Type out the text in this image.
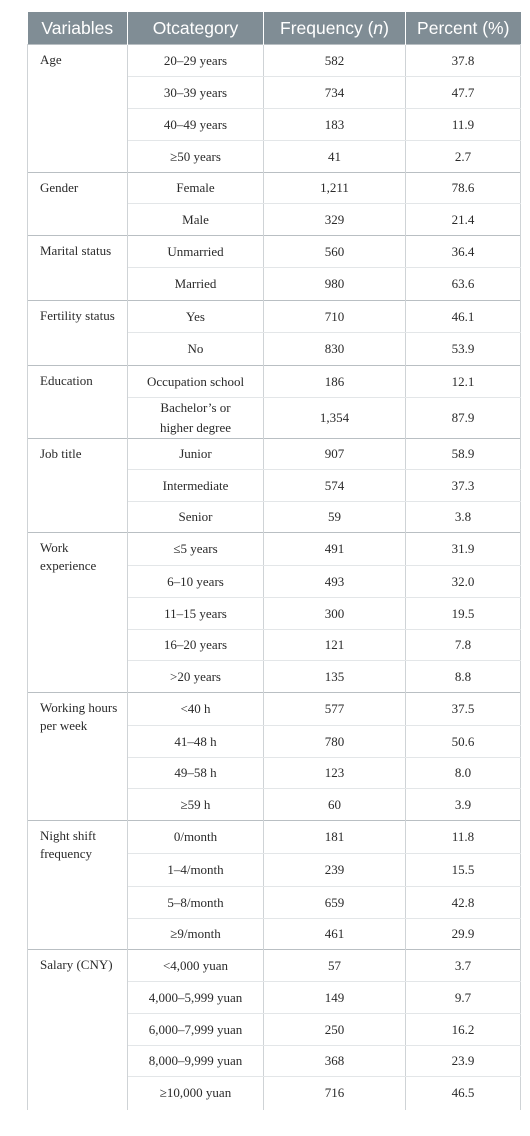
Variables	Otcategory	Frequency (n)	Percent (%)
Age	20–29 years	582	37.8
	30–39 years	734	47.7
	40–49 years	183	11.9
	≥50 years	41	2.7
Gender	Female	1,211	78.6
	Male	329	21.4
Marital status	Unmarried	560	36.4
	Married	980	63.6
Fertility status	Yes	710	46.1
	No	830	53.9
Education	Occupation school	186	12.1
	Bachelor’s or higher degree	1,354	87.9
Job title	Junior	907	58.9
	Intermediate	574	37.3
	Senior	59	3.8
Work experience	≤5 years	491	31.9
	6–10 years	493	32.0
	11–15 years	300	19.5
	16–20 years	121	7.8
	>20 years	135	8.8
Working hours per week	<40 h	577	37.5
	41–48 h	780	50.6
	49–58 h	123	8.0
	≥59 h	60	3.9
Night shift frequency	0/month	181	11.8
	1–4/month	239	15.5
	5–8/month	659	42.8
	≥9/month	461	29.9
Salary (CNY)	<4,000 yuan	57	3.7
	4,000–5,999 yuan	149	9.7
	6,000–7,999 yuan	250	16.2
	8,000–9,999 yuan	368	23.9
	≥10,000 yuan	716	46.5
